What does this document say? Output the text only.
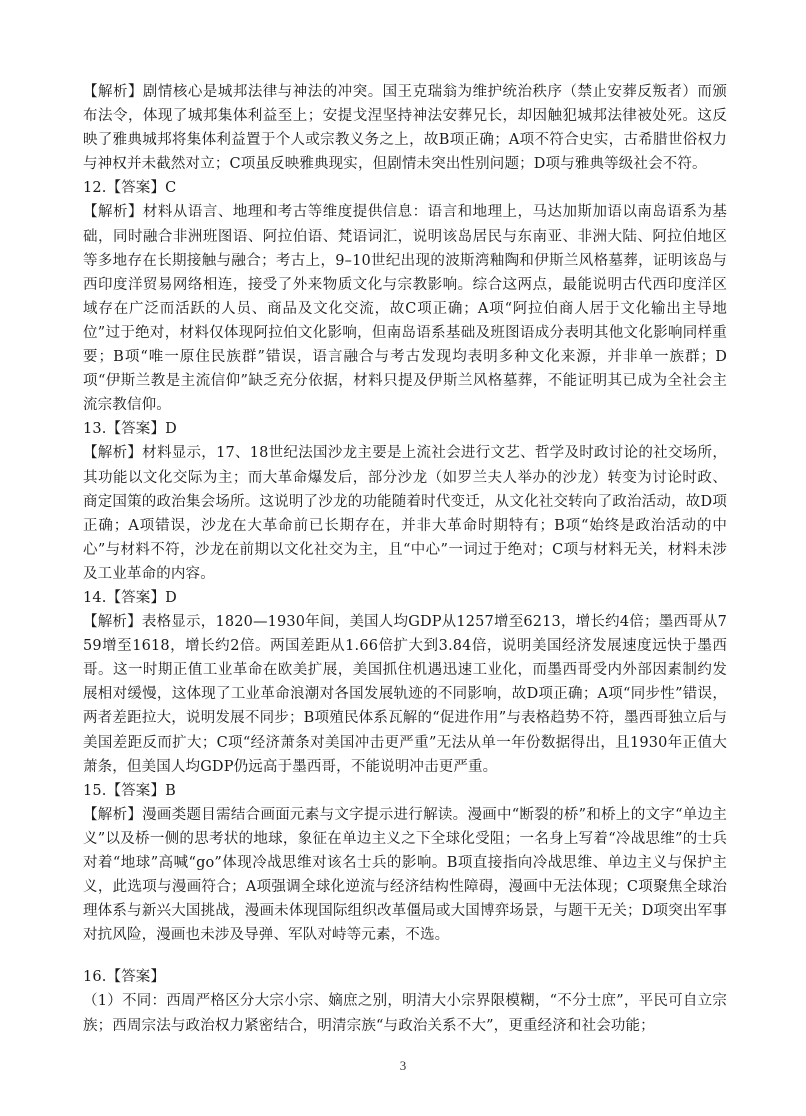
【解析】剧情核心是城邦法律与神法的冲突。国王克瑞翁为维护统治秩序（禁止安葬反叛者）而颁布法令，体现了城邦集体利益至上；安提戈涅坚持神法安葬兄长，却因触犯城邦法律被处死。这反映了雅典城邦将集体利益置于个人或宗教义务之上，故B项正确；A项不符合史实，古希腊世俗权力与神权并未截然对立；C项虽反映雅典现实，但剧情未突出性别问题；D项与雅典等级社会不符。

12.【答案】C

【解析】材料从语言、地理和考古等维度提供信息：语言和地理上，马达加斯加语以南岛语系为基础，同时融合非洲班图语、阿拉伯语、梵语词汇，说明该岛居民与东南亚、非洲大陆、阿拉伯地区等多地存在长期接触与融合；考古上，9–10世纪出现的波斯湾釉陶和伊斯兰风格墓葬，证明该岛与西印度洋贸易网络相连，接受了外来物质文化与宗教影响。综合这两点，最能说明古代西印度洋区域存在广泛而活跃的人员、商品及文化交流，故C项正确；A项“阿拉伯商人居于文化输出主导地位”过于绝对，材料仅体现阿拉伯文化影响，但南岛语系基础及班图语成分表明其他文化影响同样重要；B项“唯一原住民族群”错误，语言融合与考古发现均表明多种文化来源，并非单一族群；D项“伊斯兰教是主流信仰”缺乏充分依据，材料只提及伊斯兰风格墓葬，不能证明其已成为全社会主流宗教信仰。

13.【答案】D

【解析】材料显示，17、18世纪法国沙龙主要是上流社会进行文艺、哲学及时政讨论的社交场所，其功能以文化交际为主；而大革命爆发后，部分沙龙（如罗兰夫人举办的沙龙）转变为讨论时政、商定国策的政治集会场所。这说明了沙龙的功能随着时代变迁，从文化社交转向了政治活动，故D项正确；A项错误，沙龙在大革命前已长期存在，并非大革命时期特有；B项“始终是政治活动的中心”与材料不符，沙龙在前期以文化社交为主，且“中心”一词过于绝对；C项与材料无关，材料未涉及工业革命的内容。

14.【答案】D

【解析】表格显示，1820—1930年间，美国人均GDP从1257增至6213，增长约4倍；墨西哥从759增至1618，增长约2倍。两国差距从1.66倍扩大到3.84倍，说明美国经济发展速度远快于墨西哥。这一时期正值工业革命在欧美扩展，美国抓住机遇迅速工业化，而墨西哥受内外部因素制约发展相对缓慢，这体现了工业革命浪潮对各国发展轨迹的不同影响，故D项正确；A项“同步性”错误，两者差距拉大，说明发展不同步；B项殖民体系瓦解的“促进作用”与表格趋势不符，墨西哥独立后与美国差距反而扩大；C项“经济萧条对美国冲击更严重”无法从单一年份数据得出，且1930年正值大萧条，但美国人均GDP仍远高于墨西哥，不能说明冲击更严重。

15.【答案】B

【解析】漫画类题目需结合画面元素与文字提示进行解读。漫画中“断裂的桥”和桥上的文字“单边主义”以及桥一侧的思考状的地球，象征在单边主义之下全球化受阻；一名身上写着“冷战思维”的士兵对着“地球”高喊“go”体现冷战思维对该名士兵的影响。B项直接指向冷战思维、单边主义与保护主义，此选项与漫画符合；A项强调全球化逆流与经济结构性障碍，漫画中无法体现；C项聚焦全球治理体系与新兴大国挑战，漫画未体现国际组织改革僵局或大国博弈场景，与题干无关；D项突出军事对抗风险，漫画也未涉及导弹、军队对峙等元素，不选。

16.【答案】

（1）不同：西周严格区分大宗小宗、嫡庶之别，明清大小宗界限模糊，“不分士庶”，平民可自立宗族；西周宗法与政治权力紧密结合，明清宗族“与政治关系不大”，更重经济和社会功能；

3
